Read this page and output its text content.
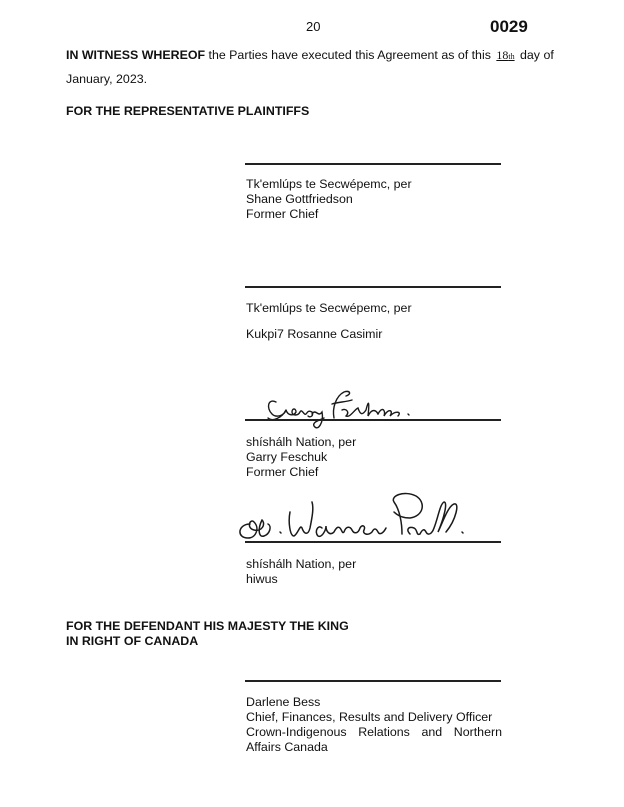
20	0029
IN WITNESS WHEREOF the Parties have executed this Agreement as of this 18th day of
January, 2023.
FOR THE REPRESENTATIVE PLAINTIFFS
Tk'emlúps te Secwépemc, per
Shane Gottfriedson
Former Chief
Tk'emlúps te Secwépemc, per
Kukpi7 Rosanne Casimir
shíshálh Nation, per
Garry Feschuk
Former Chief
shíshálh Nation, per
hiwus
FOR THE DEFENDANT HIS MAJESTY THE KING
IN RIGHT OF CANADA
Darlene Bess
Chief, Finances, Results and Delivery Officer
Crown-Indigenous Relations and Northern
Affairs Canada
